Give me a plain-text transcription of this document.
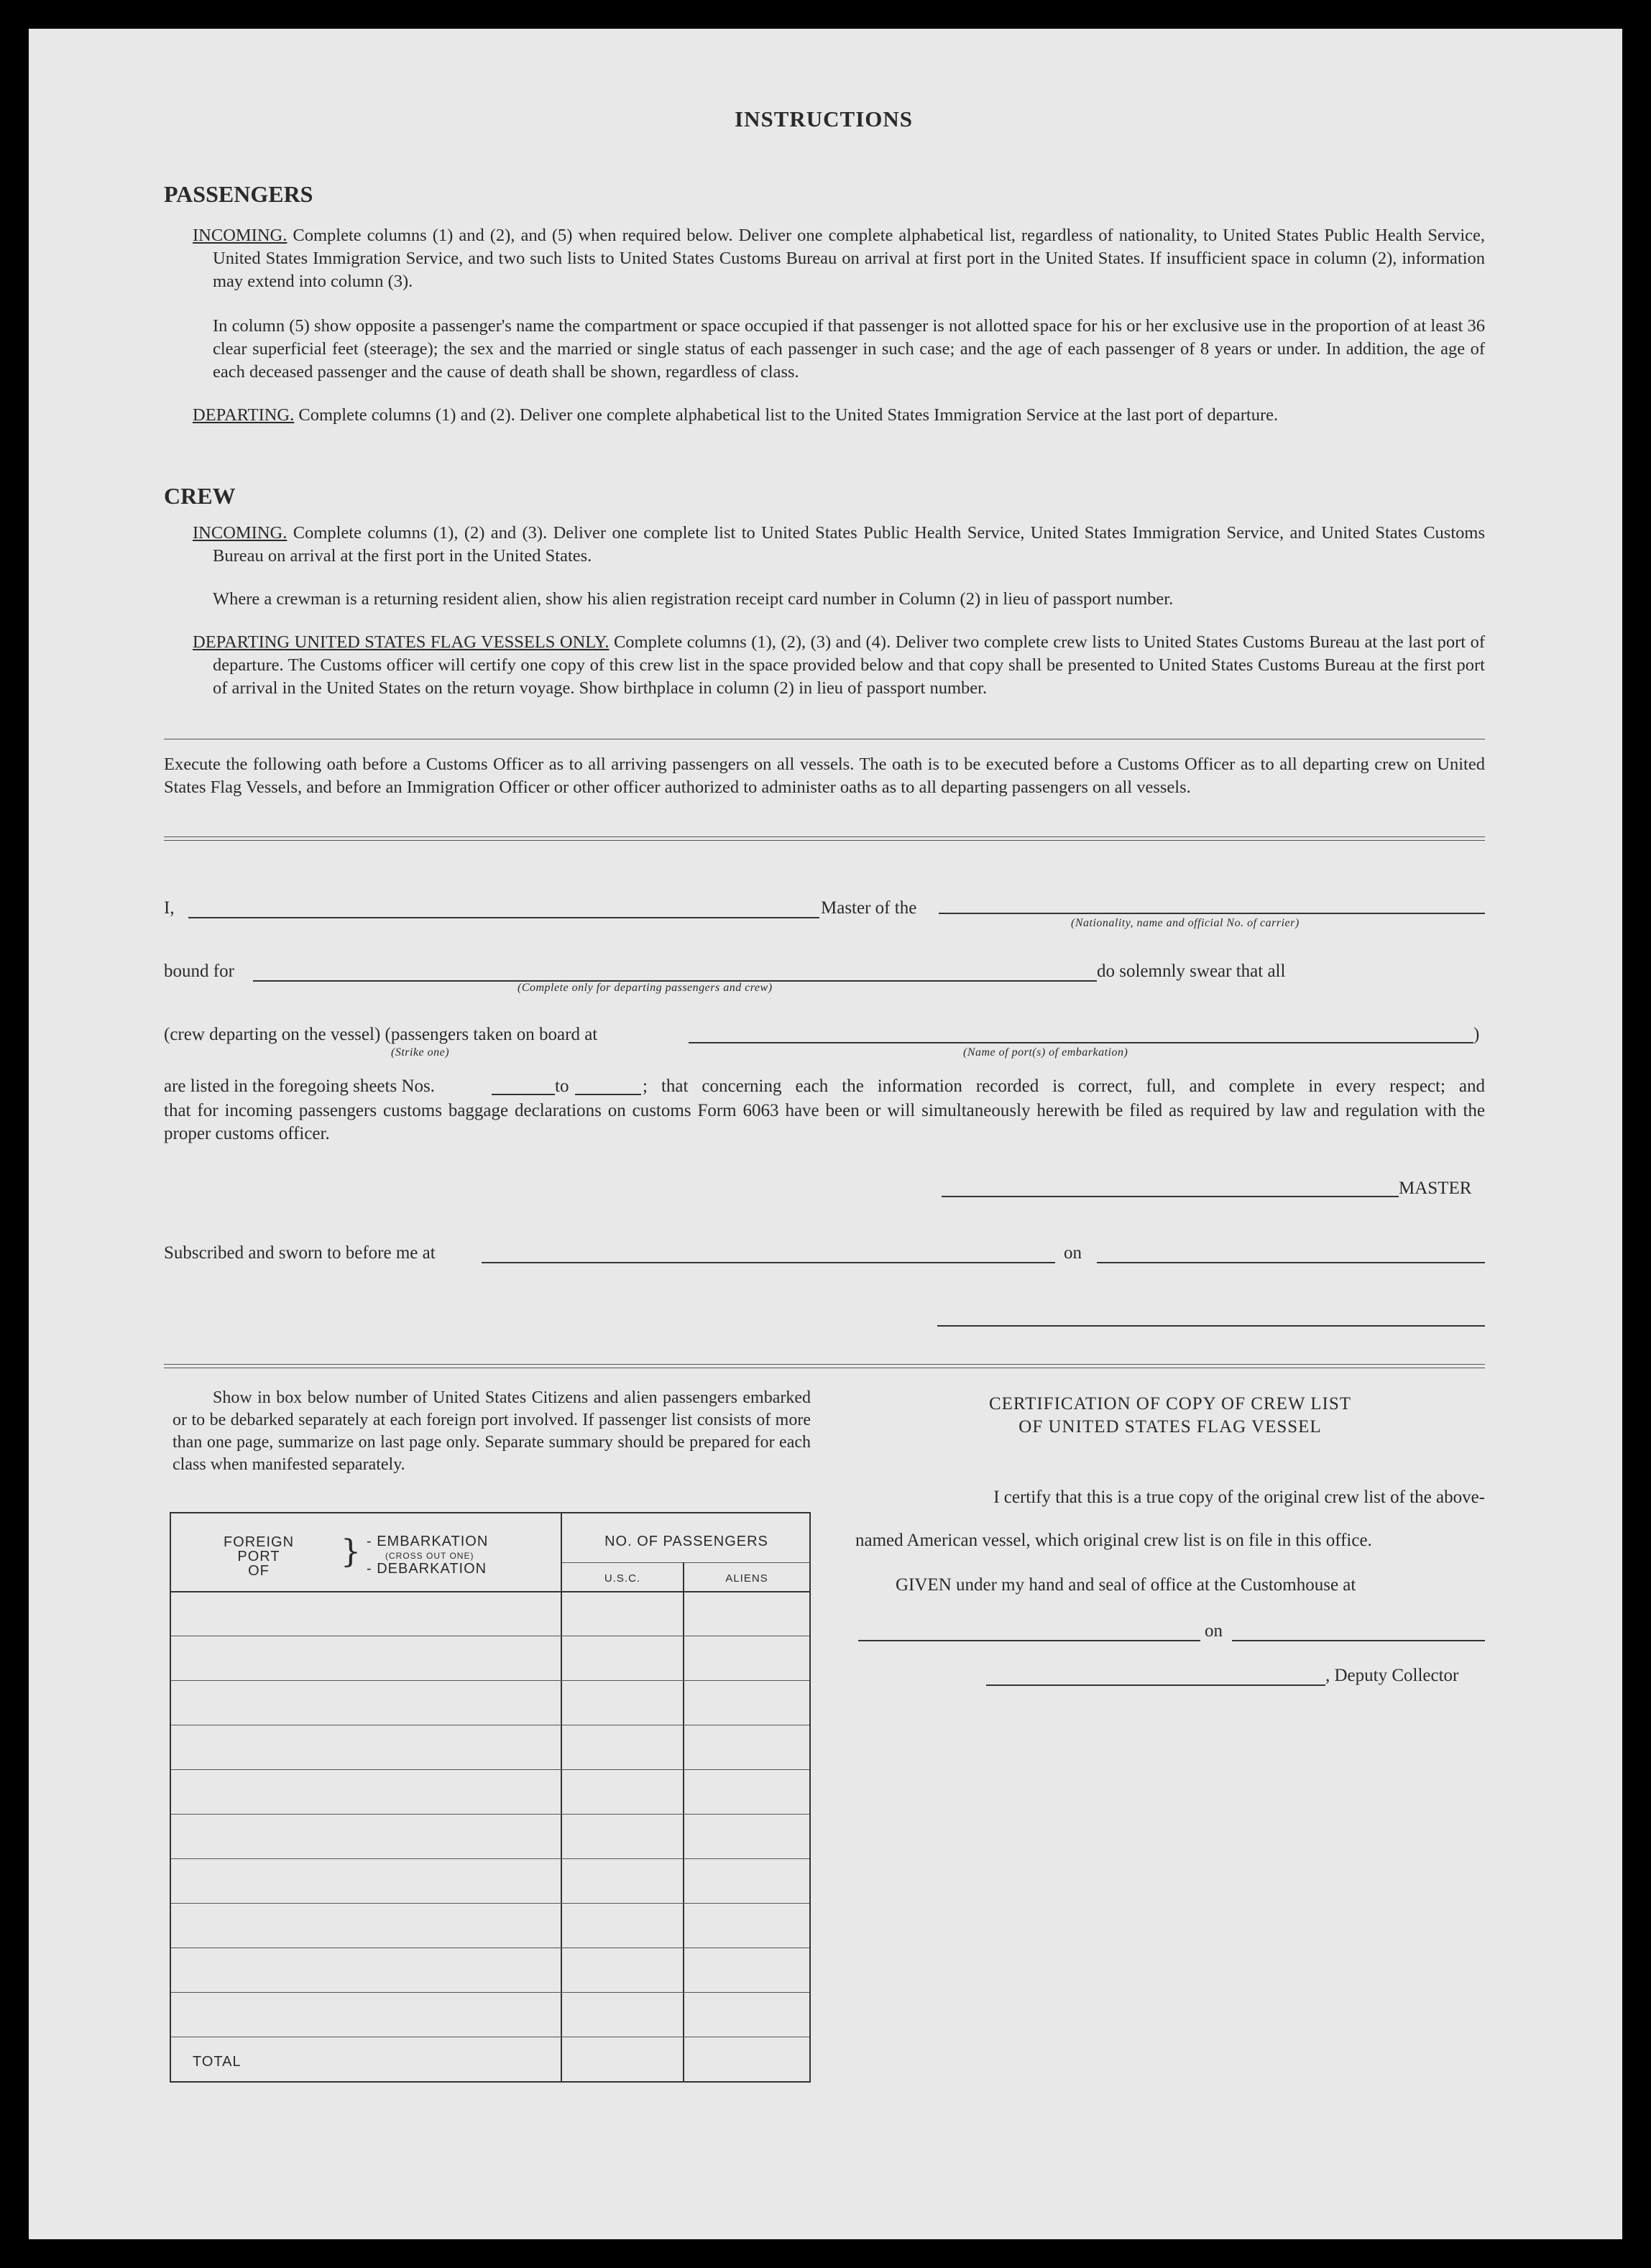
INSTRUCTIONS
PASSENGERS
INCOMING. Complete columns (1) and (2), and (5) when required below. Deliver one complete alphabetical list, regardless of nationality, to United States Public Health Service, United States Immigration Service, and two such lists to United States Customs Bureau on arrival at first port in the United States. If insufficient space in column (2), information may extend into column (3).
In column (5) show opposite a passenger's name the compartment or space occupied if that passenger is not allotted space for his or her exclusive use in the proportion of at least 36 clear superficial feet (steerage); the sex and the married or single status of each passenger in such case; and the age of each passenger of 8 years or under. In addition, the age of each deceased passenger and the cause of death shall be shown, regardless of class.
DEPARTING. Complete columns (1) and (2). Deliver one complete alphabetical list to the United States Immigration Service at the last port of departure.
CREW
INCOMING. Complete columns (1), (2) and (3). Deliver one complete list to United States Public Health Service, United States Immigration Service, and United States Customs Bureau on arrival at the first port in the United States.
Where a crewman is a returning resident alien, show his alien registration receipt card number in Column (2) in lieu of passport number.
DEPARTING UNITED STATES FLAG VESSELS ONLY. Complete columns (1), (2), (3) and (4). Deliver two complete crew lists to United States Customs Bureau at the last port of departure. The Customs officer will certify one copy of this crew list in the space provided below and that copy shall be presented to United States Customs Bureau at the first port of arrival in the United States on the return voyage. Show birthplace in column (2) in lieu of passport number.
Execute the following oath before a Customs Officer as to all arriving passengers on all vessels. The oath is to be executed before a Customs Officer as to all departing crew on United States Flag Vessels, and before an Immigration Officer or other officer authorized to administer oaths as to all departing passengers on all vessels.
I,	Master of the
(Nationality, name and official No. of carrier)
bound for
(Complete only for departing passengers and crew)
do solemnly swear that all
(crew departing on the vessel) (passengers taken on board at
(Strike one)	(Name of port(s) of embarkation)
)
are listed in the foregoing sheets Nos.	to	; that concerning each the information recorded is correct, full, and complete in every respect; and
that for incoming passengers customs baggage declarations on customs Form 6063 have been or will simultaneously herewith be filed as required by law and regulation with the proper customs officer.
MASTER
Subscribed and sworn to before me at	on
Show in box below number of United States Citizens and alien passengers embarked or to be debarked separately at each foreign port involved. If passenger list consists of more than one page, summarize on last page only. Separate summary should be prepared for each class when manifested separately.
FOREIGN
PORT
OF
} - EMBARKATION
(CROSS OUT ONE)
- DEBARKATION
NO. OF PASSENGERS
U.S.C.	ALIENS
TOTAL
CERTIFICATION OF COPY OF CREW LIST
OF UNITED STATES FLAG VESSEL
I certify that this is a true copy of the original crew list of the above-
named American vessel, which original crew list is on file in this office.
GIVEN under my hand and seal of office at the Customhouse at
on
, Deputy Collector
